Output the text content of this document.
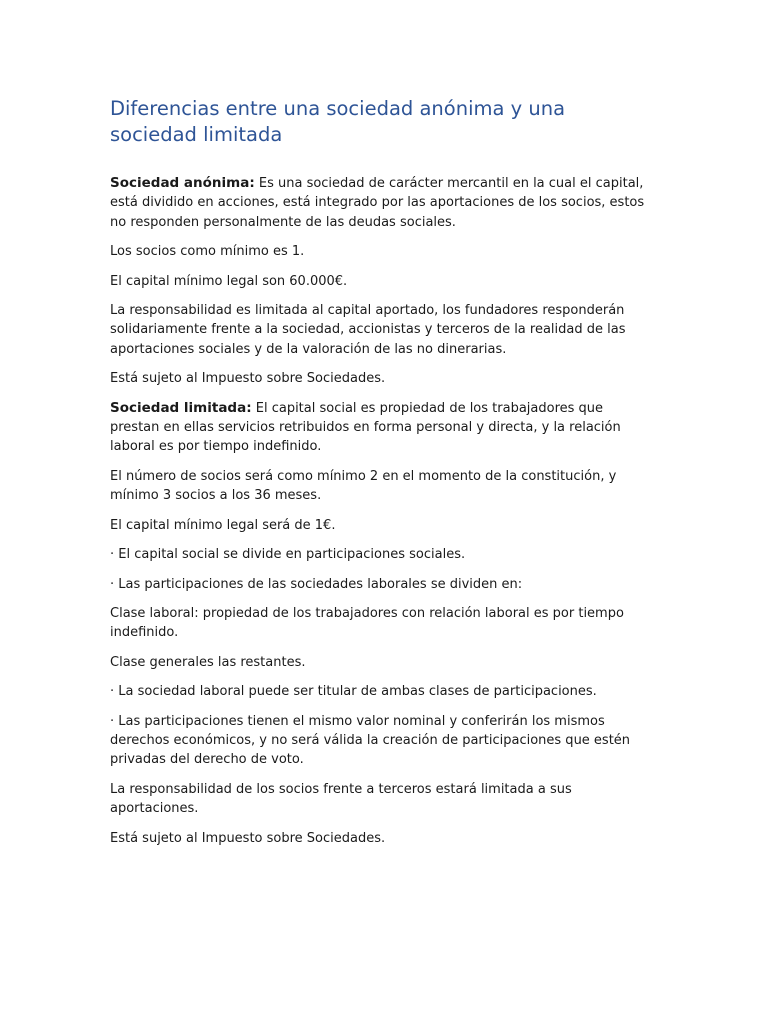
Diferencias entre una sociedad anónima y una sociedad limitada

Sociedad anónima: Es una sociedad de carácter mercantil en la cual el capital, está dividido en acciones, está integrado por las aportaciones de los socios, estos no responden personalmente de las deudas sociales.

Los socios como mínimo es 1.

El capital mínimo legal son 60.000€.

La responsabilidad es limitada al capital aportado, los fundadores responderán solidariamente frente a la sociedad, accionistas y terceros de la realidad de las aportaciones sociales y de la valoración de las no dinerarias.

Está sujeto al Impuesto sobre Sociedades.

Sociedad limitada: El capital social es propiedad de los trabajadores que prestan en ellas servicios retribuidos en forma personal y directa, y la relación laboral es por tiempo indefinido.

El número de socios será como mínimo 2 en el momento de la constitución, y mínimo 3 socios a los 36 meses.

El capital mínimo legal será de 1€.

· El capital social se divide en participaciones sociales.

· Las participaciones de las sociedades laborales se dividen en:

Clase laboral: propiedad de los trabajadores con relación laboral es por tiempo indefinido.

Clase generales las restantes.

· La sociedad laboral puede ser titular de ambas clases de participaciones.

· Las participaciones tienen el mismo valor nominal y conferirán los mismos derechos económicos, y no será válida la creación de participaciones que estén privadas del derecho de voto.

La responsabilidad de los socios frente a terceros estará limitada a sus aportaciones.

Está sujeto al Impuesto sobre Sociedades.
